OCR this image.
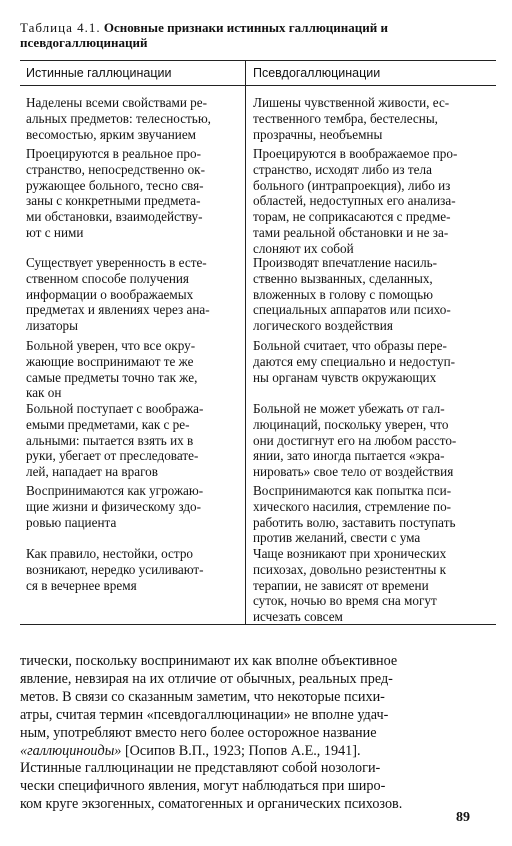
Таблица 4.1. Основные признаки истинных галлюцинаций и псевдогаллюцинаций
Истинные галлюцинации	Псевдогаллюцинации
Наделены всеми свойствами ре-
альных предметов: телесностью,
весомостью, ярким звучанием
Лишены чувственной живости, ес-
тественного тембра, бестелесны,
прозрачны, необъемны
Проецируются в реальное про-
странство, непосредственно ок-
ружающее больного, тесно свя-
заны с конкретными предмета-
ми обстановки, взаимодейству-
ют с ними
Проецируются в воображаемое про-
странство, исходят либо из тела
больного (интрапроекция), либо из
областей, недоступных его анализа-
торам, не соприкасаются с предме-
тами реальной обстановки и не за-
слоняют их собой
Существует уверенность в есте-
ственном способе получения
информации о воображаемых
предметах и явлениях через ана-
лизаторы
Производят впечатление насиль-
ственно вызванных, сделанных,
вложенных в голову с помощью
специальных аппаратов или психо-
логического воздействия
Больной уверен, что все окру-
жающие воспринимают те же
самые предметы точно так же,
как он
Больной считает, что образы пере-
даются ему специально и недоступ-
ны органам чувств окружающих
Больной поступает с вообража-
емыми предметами, как с ре-
альными: пытается взять их в
руки, убегает от преследовате-
лей, нападает на врагов
Больной не может убежать от гал-
люцинаций, поскольку уверен, что
они достигнут его на любом рассто-
янии, зато иногда пытается «экра-
нировать» свое тело от воздействия
Воспринимаются как угрожаю-
щие жизни и физическому здо-
ровью пациента
Воспринимаются как попытка пси-
хического насилия, стремление по-
работить волю, заставить поступать
против желаний, свести с ума
Как правило, нестойки, остро
возникают, нередко усиливают-
ся в вечернее время
Чаще возникают при хронических
психозах, довольно резистентны к
терапии, не зависят от времени
суток, ночью во время сна могут
исчезать совсем
тически, поскольку воспринимают их как вполне объективное
явление, невзирая на их отличие от обычных, реальных пред-
метов. В связи со сказанным заметим, что некоторые психи-
атры, считая термин «псевдогаллюцинации» не вполне удач-
ным, употребляют вместо него более осторожное название
«галлюциноиды» [Осипов В.П., 1923; Попов А.Е., 1941].
Истинные галлюцинации не представляют собой нозологи-
чески специфичного явления, могут наблюдаться при широ-
ком круге экзогенных, соматогенных и органических психозов.
89
